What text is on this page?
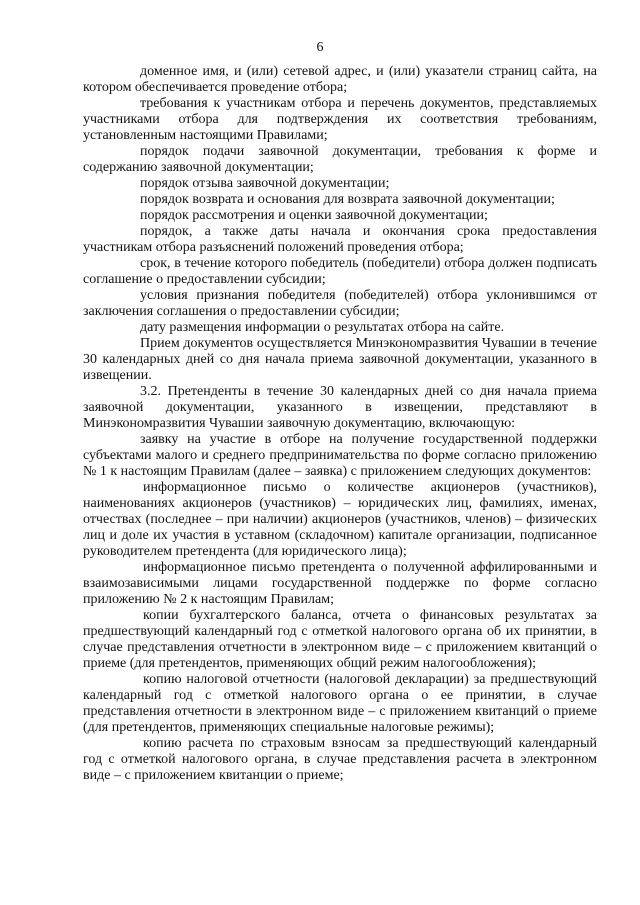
6

доменное имя, и (или) сетевой адрес, и (или) указатели страниц сайта, на котором обеспечивается проведение отбора;

требования к участникам отбора и перечень документов, представляемых участниками отбора для подтверждения их соответствия требованиям, установленным настоящими Правилами;

порядок подачи заявочной документации, требования к форме и содержанию заявочной документации;

порядок отзыва заявочной документации;

порядок возврата и основания для возврата заявочной документации;

порядок рассмотрения и оценки заявочной документации;

порядок, а также даты начала и окончания срока предоставления участникам отбора разъяснений положений проведения отбора;

срок, в течение которого победитель (победители) отбора должен подписать соглашение о предоставлении субсидии;

условия признания победителя (победителей) отбора уклонившимся от заключения соглашения о предоставлении субсидии;

дату размещения информации о результатах отбора на сайте.

Прием документов осуществляется Минэкономразвития Чувашии в течение 30 календарных дней со дня начала приема заявочной документации, указанного в извещении.

3.2. Претенденты в течение 30 календарных дней со дня начала приема заявочной документации, указанного в извещении, представляют в Минэкономразвития Чувашии заявочную документацию, включающую:

заявку на участие в отборе на получение государственной поддержки субъектами малого и среднего предпринимательства по форме согласно приложению № 1 к настоящим Правилам (далее – заявка) с приложением следующих документов:

информационное письмо о количестве акционеров (участников), наименованиях акционеров (участников) – юридических лиц, фамилиях, именах, отчествах (последнее – при наличии) акционеров (участников, членов) – физических лиц и доле их участия в уставном (складочном) капитале организации, подписанное руководителем претендента (для юридического лица);

информационное письмо претендента о полученной аффилированными и взаимозависимыми лицами государственной поддержке по форме согласно приложению № 2 к настоящим Правилам;

копии бухгалтерского баланса, отчета о финансовых результатах за предшествующий календарный год с отметкой налогового органа об их принятии, в случае представления отчетности в электронном виде – с приложением квитанций о приеме (для претендентов, применяющих общий режим налогообложения);

копию налоговой отчетности (налоговой декларации) за предшествующий календарный год с отметкой налогового органа о ее принятии, в случае представления отчетности в электронном виде – с приложением квитанций о приеме (для претендентов, применяющих специальные налоговые режимы);

копию расчета по страховым взносам за предшествующий календарный год с отметкой налогового органа, в случае представления расчета в электронном виде – с приложением квитанции о приеме;
